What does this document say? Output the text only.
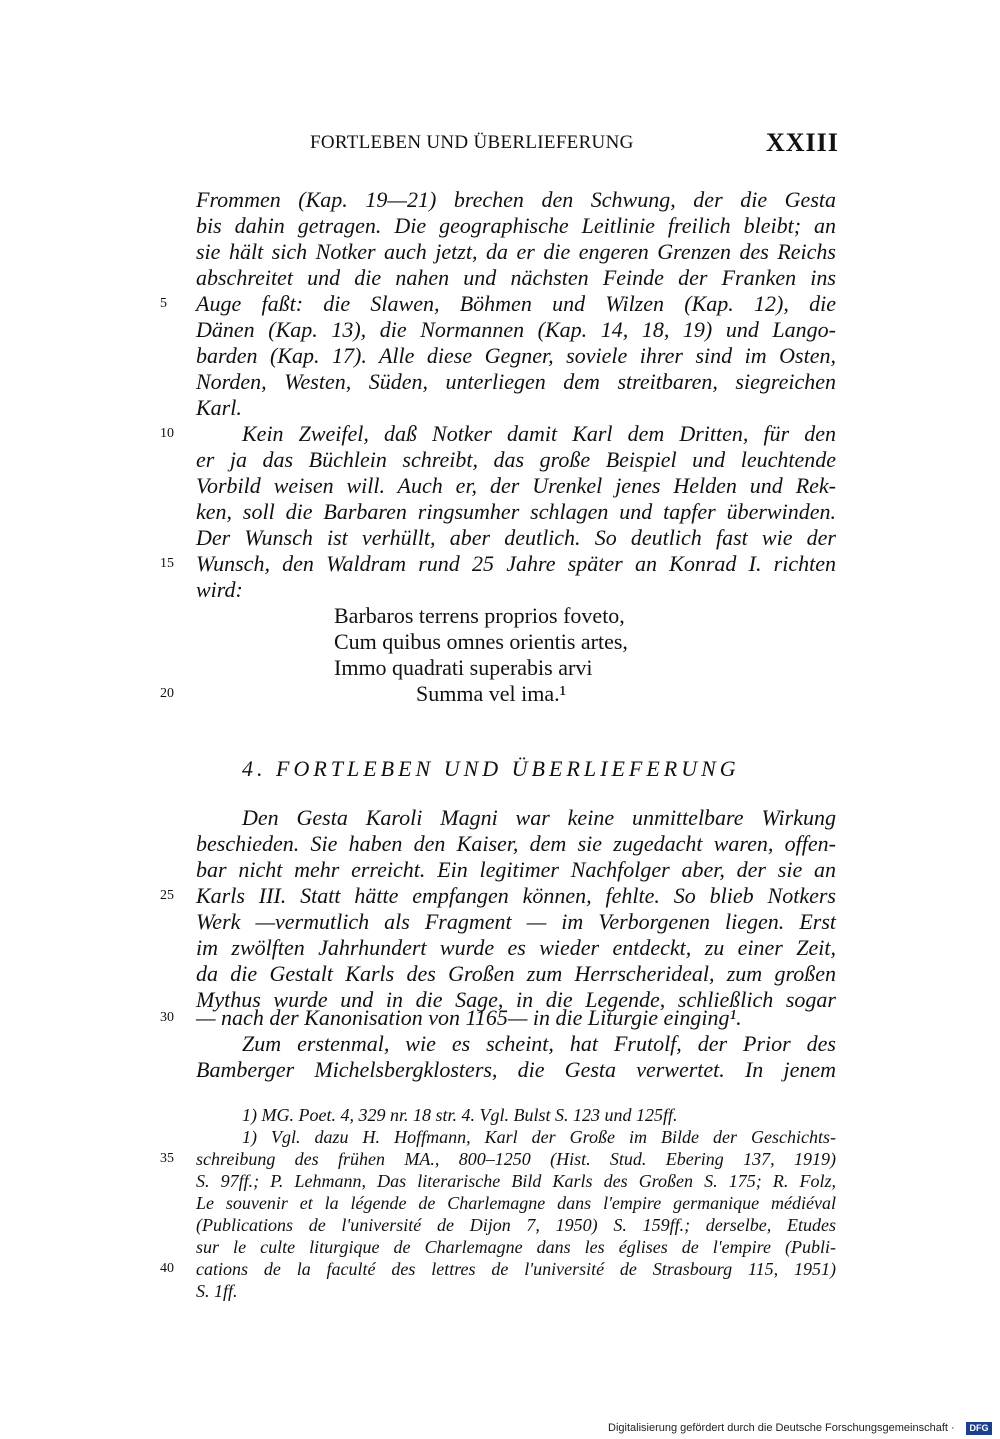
FORTLEBEN UND ÜBERLIEFERUNG	XXIII
Frommen (Kap. 19—21) brechen den Schwung, der die Gesta
bis dahin getragen. Die geographische Leitlinie freilich bleibt; an
sie hält sich Notker auch jetzt, da er die engeren Grenzen des Reichs
abschreitet und die nahen und nächsten Feinde der Franken ins
Auge faßt: die Slawen, Böhmen und Wilzen (Kap. 12), die
Dänen (Kap. 13), die Normannen (Kap. 14, 18, 19) und Lango-
barden (Kap. 17). Alle diese Gegner, soviele ihrer sind im Osten,
Norden, Westen, Süden, unterliegen dem streitbaren, siegreichen
Karl.
Kein Zweifel, daß Notker damit Karl dem Dritten, für den
er ja das Büchlein schreibt, das große Beispiel und leuchtende
Vorbild weisen will. Auch er, der Urenkel jenes Helden und Rek-
ken, soll die Barbaren ringsumher schlagen und tapfer überwinden.
Der Wunsch ist verhüllt, aber deutlich. So deutlich fast wie der
Wunsch, den Waldram rund 25 Jahre später an Konrad I. richten
wird:
Barbaros terrens proprios foveto,
Cum quibus omnes orientis artes,
Immo quadrati superabis arvi
Summa vel ima.¹
4. FORTLEBEN UND ÜBERLIEFERUNG
Den Gesta Karoli Magni war keine unmittelbare Wirkung
beschieden. Sie haben den Kaiser, dem sie zugedacht waren, offen-
bar nicht mehr erreicht. Ein legitimer Nachfolger aber, der sie an
Karls III. Statt hätte empfangen können, fehlte. So blieb Notkers
Werk —vermutlich als Fragment — im Verborgenen liegen. Erst
im zwölften Jahrhundert wurde es wieder entdeckt, zu einer Zeit,
da die Gestalt Karls des Großen zum Herrscherideal, zum großen
Mythus wurde und in die Sage, in die Legende, schließlich sogar
— nach der Kanonisation von 1165— in die Liturgie einging¹.
Zum erstenmal, wie es scheint, hat Frutolf, der Prior des
Bamberger Michelsbergklosters, die Gesta verwertet. In jenem
1) MG. Poet. 4, 329 nr. 18 str. 4. Vgl. Bulst S. 123 und 125ff.
1) Vgl. dazu H. Hoffmann, Karl der Große im Bilde der Geschichts-
schreibung des frühen MA., 800–1250 (Hist. Stud. Ebering 137, 1919)
S. 97ff.; P. Lehmann, Das literarische Bild Karls des Großen S. 175; R. Folz,
Le souvenir et la légende de Charlemagne dans l'empire germanique médiéval
(Publications de l'université de Dijon 7, 1950) S. 159ff.; derselbe, Etudes
sur le culte liturgique de Charlemagne dans les églises de l'empire (Publi-
cations de la faculté des lettres de l'université de Strasbourg 115, 1951)
S. 1ff.
5
10
15
20
25
30
35
40
Digitalisierung gefördert durch die Deutsche Forschungsgemeinschaft ·	DFG
